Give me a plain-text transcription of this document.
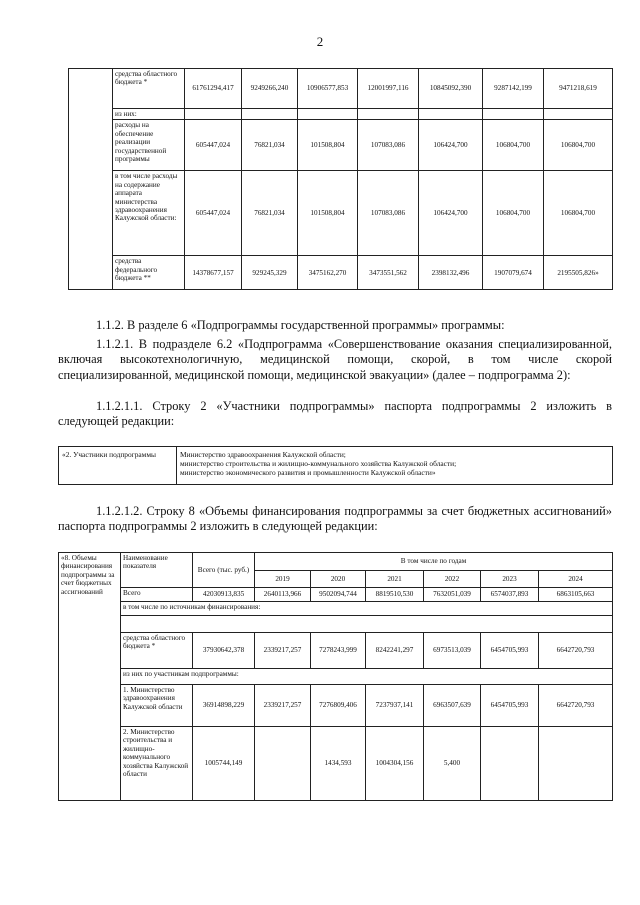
2
	средства областного бюджета *	61761294,417	9249266,240	10906577,853	12001997,116	10845092,390	9287142,199	9471218,619
	из них:							
	расходы на обеспечение реализации государственной программы	605447,024	76821,034	101508,804	107083,086	106424,700	106804,700	106804,700
	в том числе расходы на содержание аппарата министерства здравоохранения Калужской области:	605447,024	76821,034	101508,804	107083,086	106424,700	106804,700	106804,700
	средства федерального бюджета **	14378677,157	929245,329	3475162,270	3473551,562	2398132,496	1907079,674	2195505,826»
1.1.2. В разделе 6 «Подпрограммы государственной программы» программы:
1.1.2.1. В подразделе 6.2 «Подпрограмма «Совершенствование оказания специализированной, включая высокотехнологичную, медицинской помощи, скорой, в том числе скорой специализированной, медицинской помощи, медицинской эвакуации» (далее – подпрограмма 2):
1.1.2.1.1. Строку 2 «Участники подпрограммы» паспорта подпрограммы 2 изложить в следующей редакции:
«2. Участники подпрограммы	Министерство здравоохранения Калужской области;
министерство строительства и жилищно-коммунального хозяйства Калужской области;
министерство экономического развития и промышленности Калужской области»
1.1.2.1.2. Строку 8 «Объемы финансирования подпрограммы за счет бюджетных ассигнований» паспорта подпрограммы 2 изложить в следующей редакции:
«8. Объемы финансирования подпрограммы за счет бюджетных ассигнований	Наименование показателя	Всего (тыс. руб.)	В том числе по годам					
			2019	2020	2021	2022	2023	2024
	Всего	42030913,835	2640113,966	9502094,744	8819510,530	7632051,039	6574037,893	6863105,663
	в том числе по источникам финансирования:							

	средства областного бюджета *	37930642,378	2339217,257	7278243,999	8242241,297	6973513,039	6454705,993	6642720,793
	из них по участникам подпрограммы:							
	1. Министерство здравоохранения Калужской области	36914898,229	2339217,257	7276809,406	7237937,141	6963507,639	6454705,993	6642720,793
	2. Министерство строительства и жилищно-коммунального хозяйства Калужской области	1005744,149		1434,593	1004304,156	5,400		
